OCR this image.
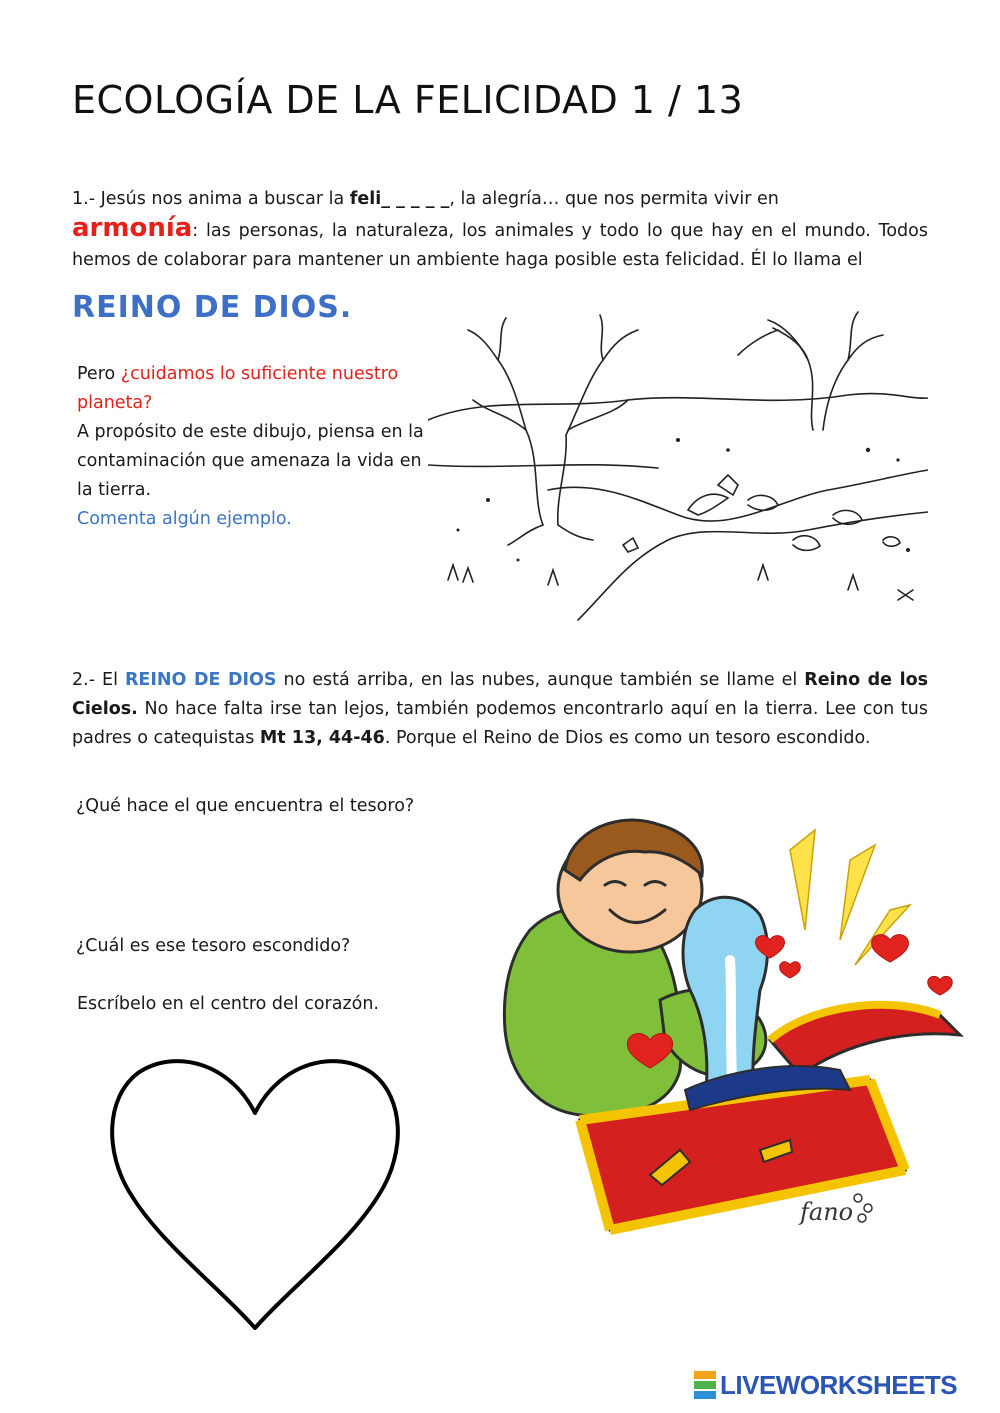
ECOLOGÍA DE LA FELICIDAD 1 / 13
1.- Jesús nos anima a buscar la feli_ _ _ _ _, la alegría… que nos permita vivir en
armonía: las personas, la naturaleza, los animales y todo lo que hay en el mundo. Todos hemos de colaborar para mantener un ambiente haga posible esta felicidad. Él lo llama el
REINO DE DIOS.
Pero ¿cuidamos lo suficiente nuestro planeta?
A propósito de este dibujo, piensa en la contaminación que amenaza la vida en la tierra.
Comenta algún ejemplo.
2.- El REINO DE DIOS no está arriba, en las nubes, aunque también se llame el Reino de los Cielos. No hace falta irse tan lejos, también podemos encontrarlo aquí en la tierra. Lee con tus padres o catequistas Mt 13, 44-46. Porque el Reino de Dios es como un tesoro escondido.
¿Qué hace el que encuentra el tesoro?
¿Cuál es ese tesoro escondido?
Escríbelo en el centro del corazón.
fano
LIVEWORKSHEETS
